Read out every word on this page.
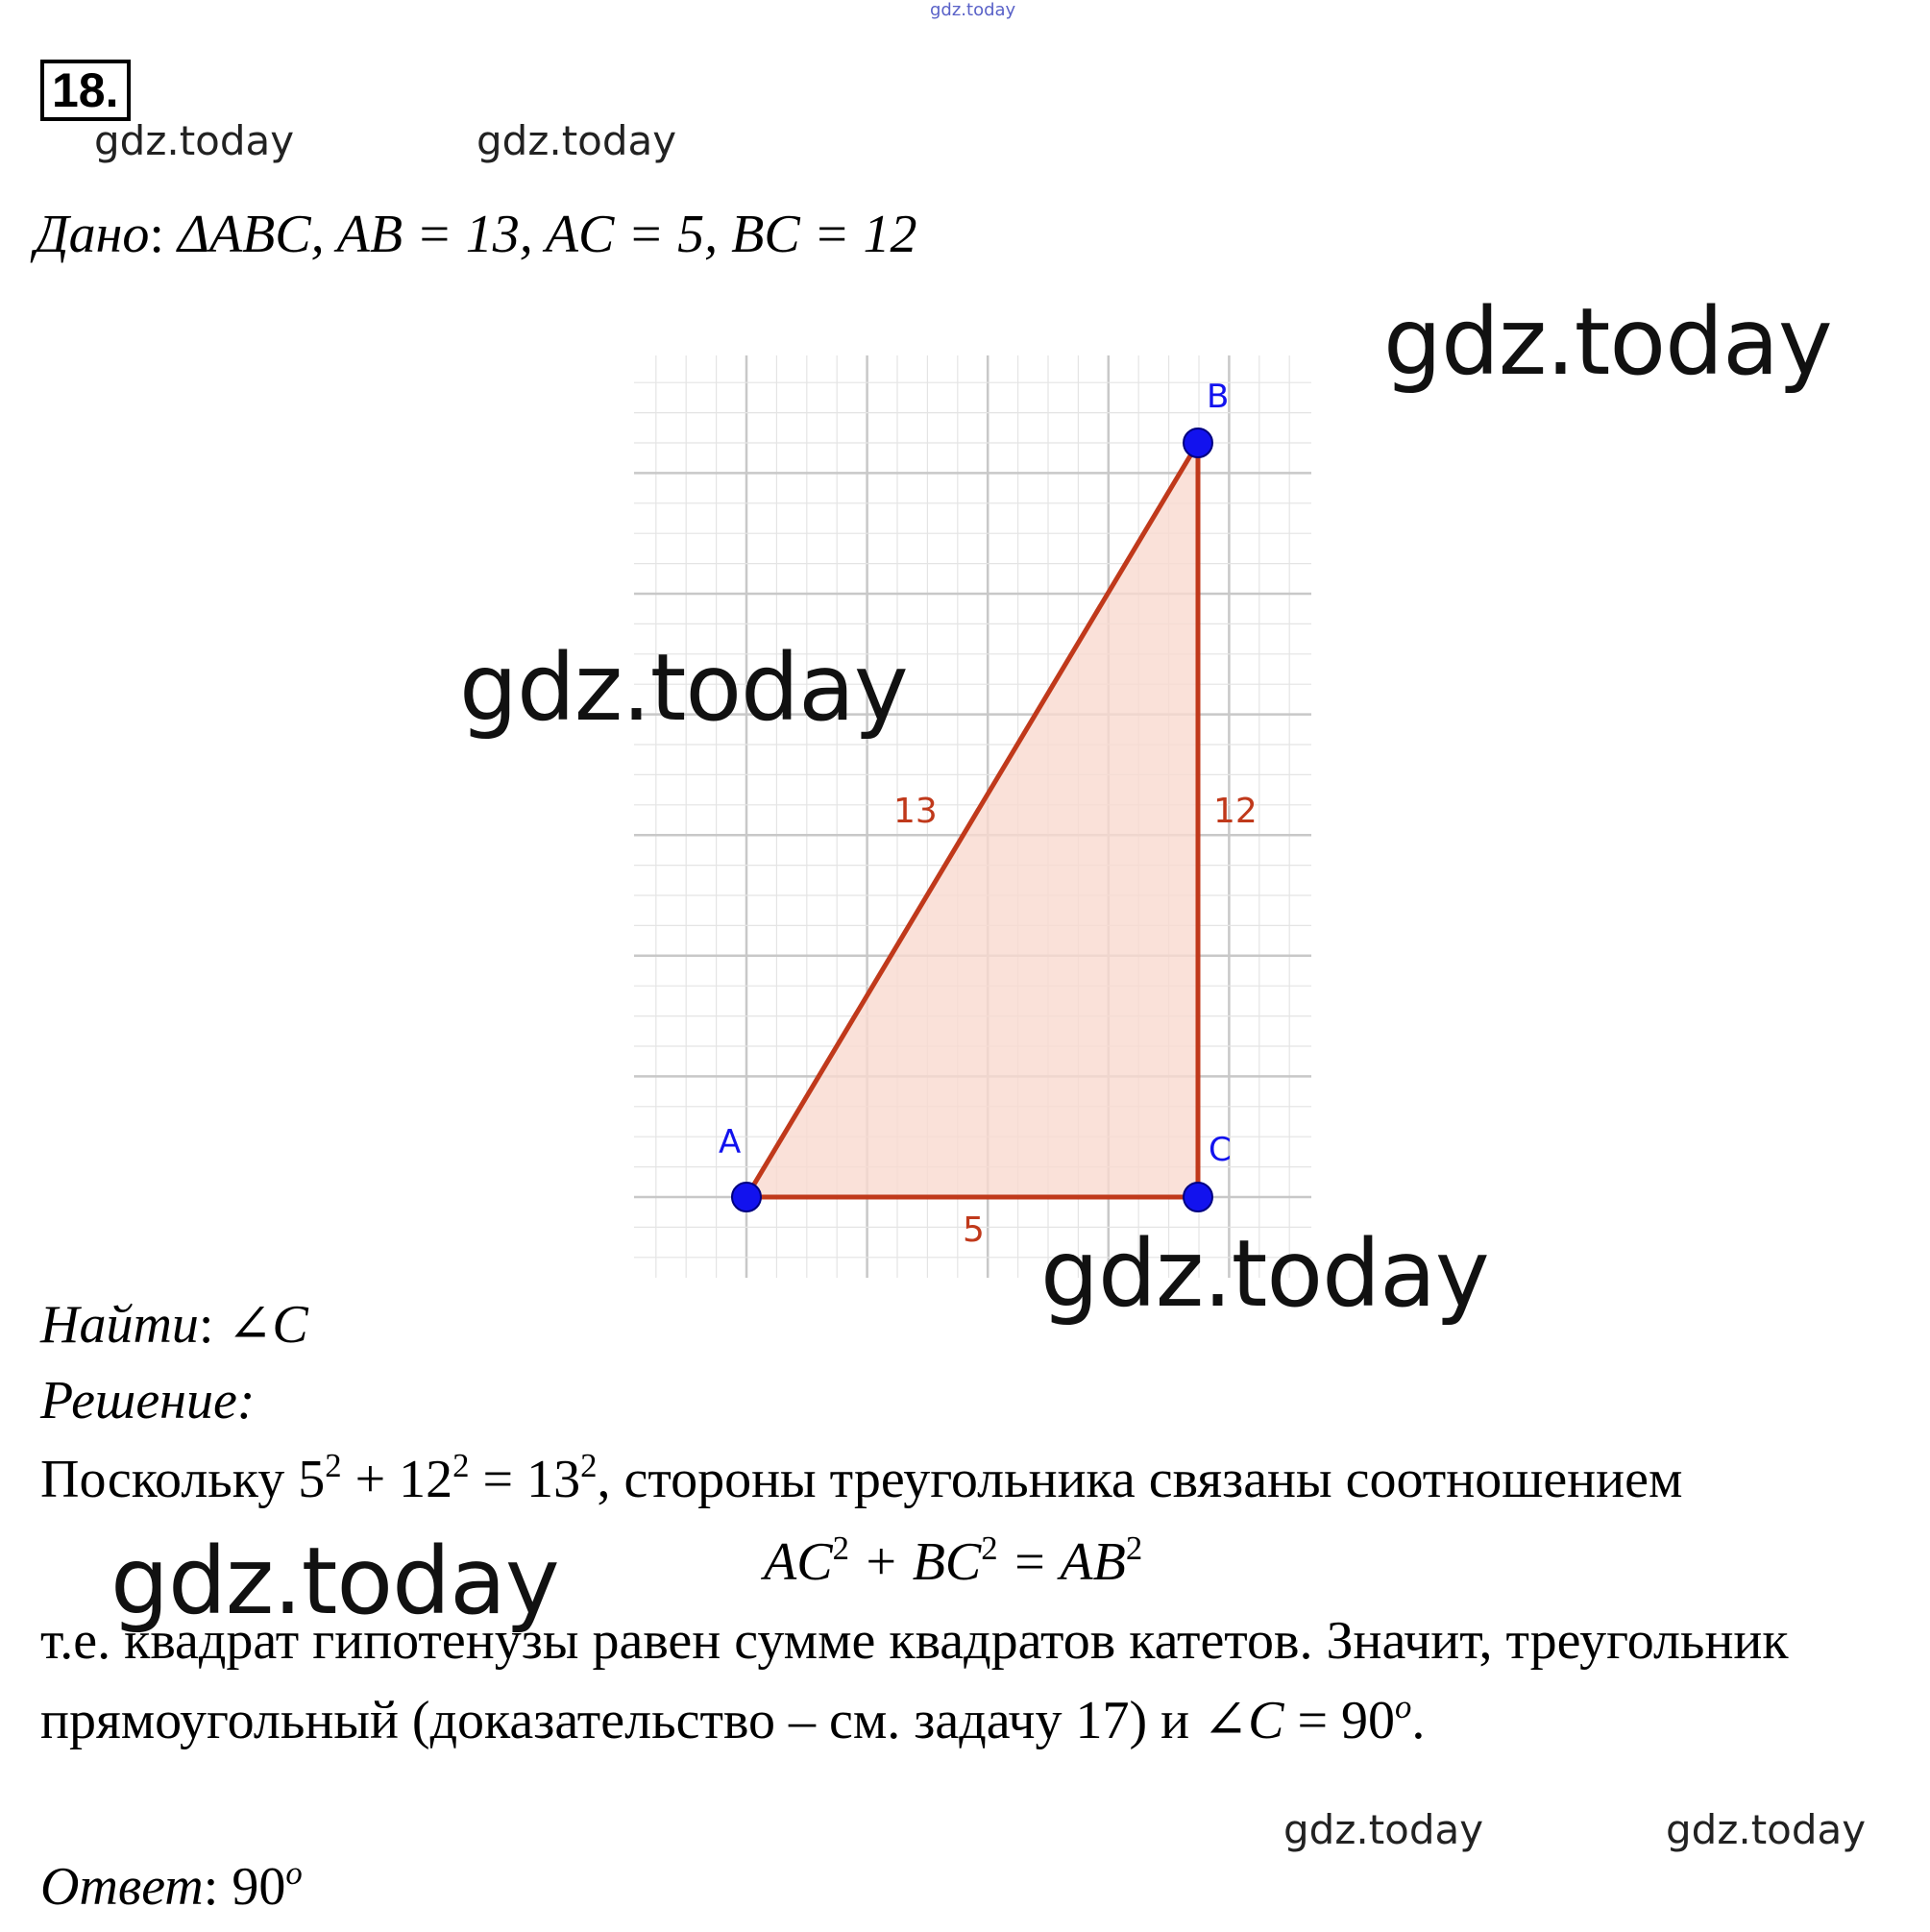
gdz.today
gdz.today	gdz.today
gdz.today
18.
Дано: ΔABC, AB = 13, AC = 5, BC = 12
13	12
5
A
B
C
gdz.today
gdz.today
Найти: ∠C
Решение:
Поскольку $5^2 + 12^2 = 13^2$, стороны треугольника связаны соотношением
$AC^2 + BC^2 = AB^2$
gdz.today
т.е. квадрат гипотенузы равен сумме квадратов катетов. Значит, треугольник
прямоугольный (доказательство – см. задачу 17) и ∠C = $90^o$.
gdz.today	gdz.today
Ответ: 90$^o$
